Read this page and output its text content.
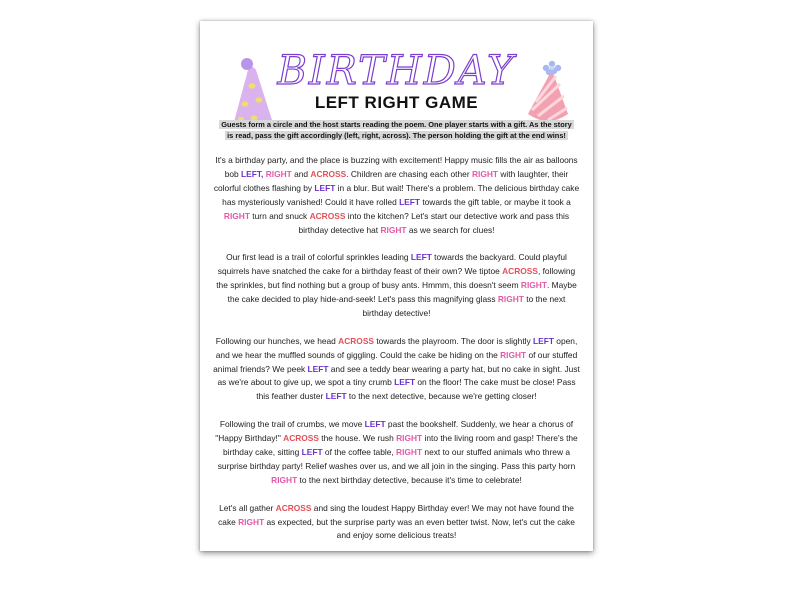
BIRTHDAY
LEFT RIGHT GAME
Guests form a circle and the host starts reading the poem. One player starts with a gift. As the story
is read, pass the gift accordingly (left, right, across). The person holding the gift at the end wins!

It's a birthday party, and the place is buzzing with excitement! Happy music fills the air as balloons bob LEFT, RIGHT and ACROSS. Children are chasing each other RIGHT with laughter, their colorful clothes flashing by LEFT in a blur. But wait! There's a problem. The delicious birthday cake has mysteriously vanished! Could it have rolled LEFT towards the gift table, or maybe it took a RIGHT turn and snuck ACROSS into the kitchen? Let's start our detective work and pass this birthday detective hat RIGHT as we search for clues!

Our first lead is a trail of colorful sprinkles leading LEFT towards the backyard. Could playful squirrels have snatched the cake for a birthday feast of their own? We tiptoe ACROSS, following the sprinkles, but find nothing but a group of busy ants. Hmmm, this doesn't seem RIGHT. Maybe the cake decided to play hide-and-seek! Let's pass this magnifying glass RIGHT to the next birthday detective!

Following our hunches, we head ACROSS towards the playroom. The door is slightly LEFT open, and we hear the muffled sounds of giggling. Could the cake be hiding on the RIGHT of our stuffed animal friends? We peek LEFT and see a teddy bear wearing a party hat, but no cake in sight. Just as we're about to give up, we spot a tiny crumb LEFT on the floor! The cake must be close! Pass this feather duster LEFT to the next detective, because we're getting closer!

Following the trail of crumbs, we move LEFT past the bookshelf. Suddenly, we hear a chorus of "Happy Birthday!" ACROSS the house. We rush RIGHT into the living room and gasp! There's the birthday cake, sitting LEFT of the coffee table, RIGHT next to our stuffed animals who threw a surprise birthday party! Relief washes over us, and we all join in the singing. Pass this party horn RIGHT to the next birthday detective, because it's time to celebrate!

Let's all gather ACROSS and sing the loudest Happy Birthday ever! We may not have found the cake RIGHT as expected, but the surprise party was an even better twist. Now, let's cut the cake and enjoy some delicious treats!
